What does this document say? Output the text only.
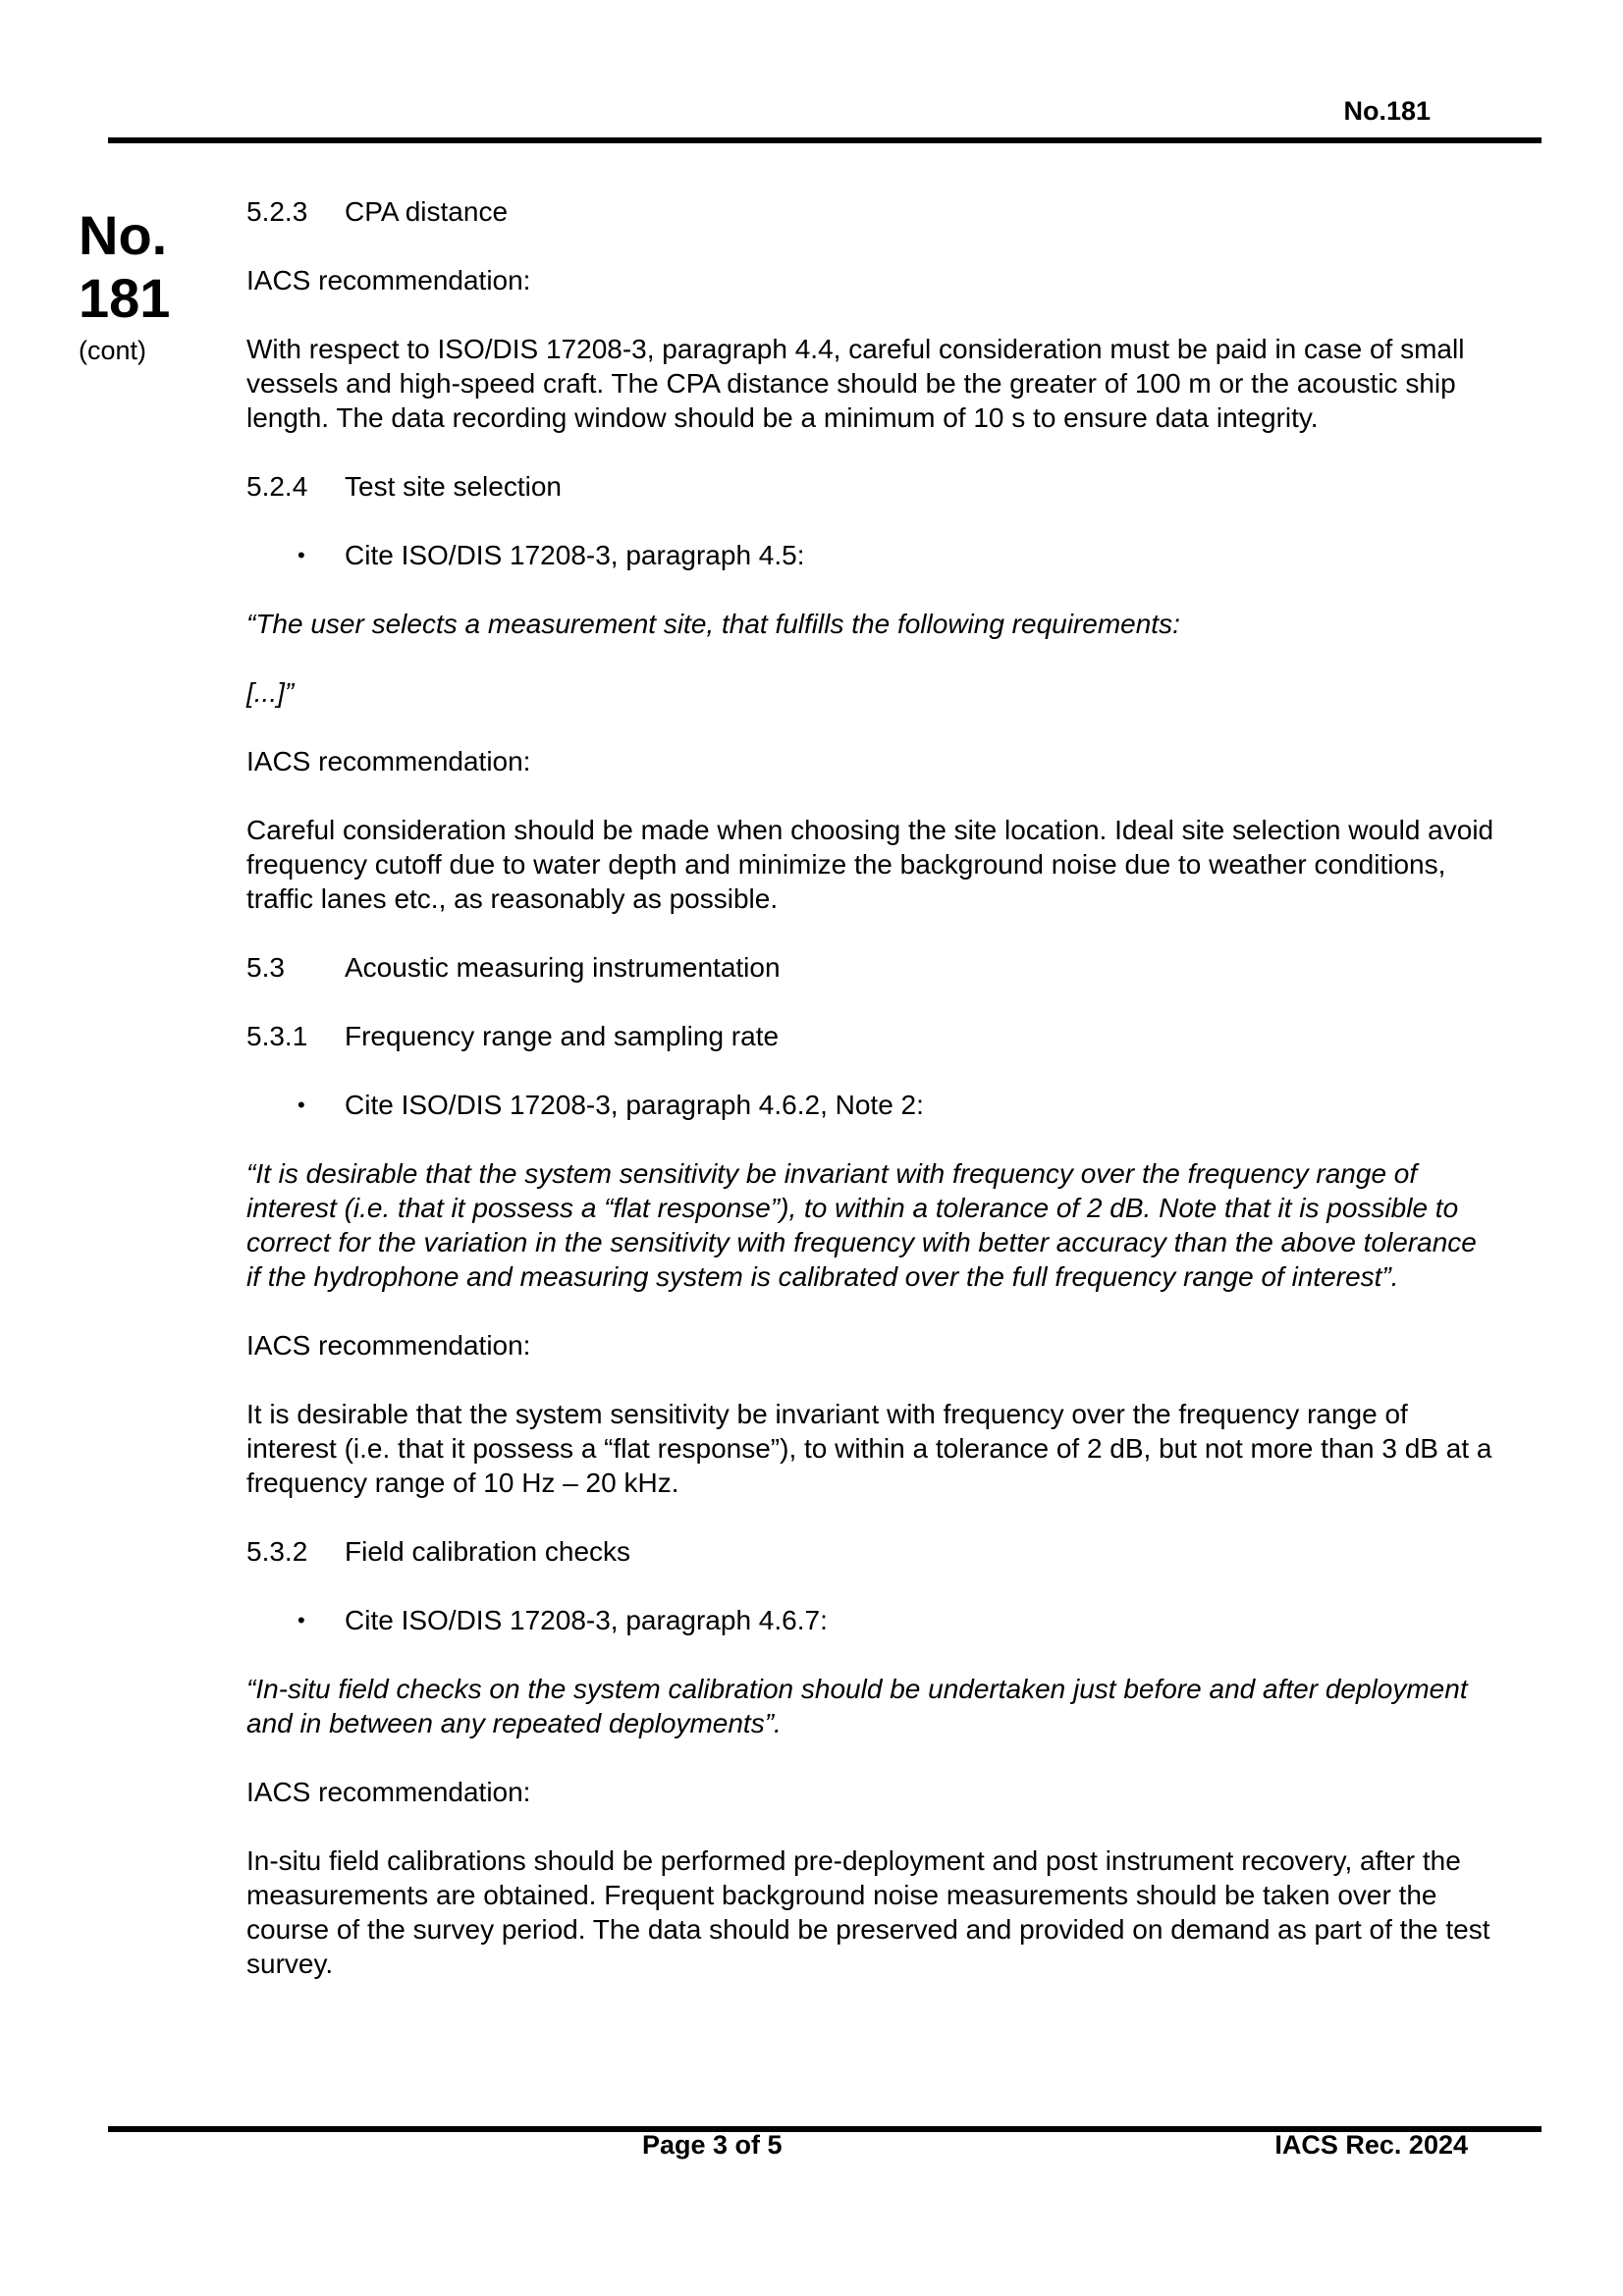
No.181
No.
181
(cont)

5.2.3 CPA distance

IACS recommendation:

With respect to ISO/DIS 17208-3, paragraph 4.4, careful consideration must be paid in case of small vessels and high-speed craft. The CPA distance should be the greater of 100 m or the acoustic ship length. The data recording window should be a minimum of 10 s to ensure data integrity.

5.2.4 Test site selection

• Cite ISO/DIS 17208-3, paragraph 4.5:

“The user selects a measurement site, that fulfills the following requirements:

[...]”

IACS recommendation:

Careful consideration should be made when choosing the site location. Ideal site selection would avoid frequency cutoff due to water depth and minimize the background noise due to weather conditions, traffic lanes etc., as reasonably as possible.

5.3 Acoustic measuring instrumentation

5.3.1 Frequency range and sampling rate

• Cite ISO/DIS 17208-3, paragraph 4.6.2, Note 2:

“It is desirable that the system sensitivity be invariant with frequency over the frequency range of interest (i.e. that it possess a “flat response”), to within a tolerance of 2 dB. Note that it is possible to correct for the variation in the sensitivity with frequency with better accuracy than the above tolerance if the hydrophone and measuring system is calibrated over the full frequency range of interest”.

IACS recommendation:

It is desirable that the system sensitivity be invariant with frequency over the frequency range of interest (i.e. that it possess a “flat response”), to within a tolerance of 2 dB, but not more than 3 dB at a frequency range of 10 Hz – 20 kHz.

5.3.2 Field calibration checks

• Cite ISO/DIS 17208-3, paragraph 4.6.7:

“In-situ field checks on the system calibration should be undertaken just before and after deployment and in between any repeated deployments”.

IACS recommendation:

In-situ field calibrations should be performed pre-deployment and post instrument recovery, after the measurements are obtained. Frequent background noise measurements should be taken over the course of the survey period. The data should be preserved and provided on demand as part of the test survey.

Page 3 of 5	IACS Rec. 2024
